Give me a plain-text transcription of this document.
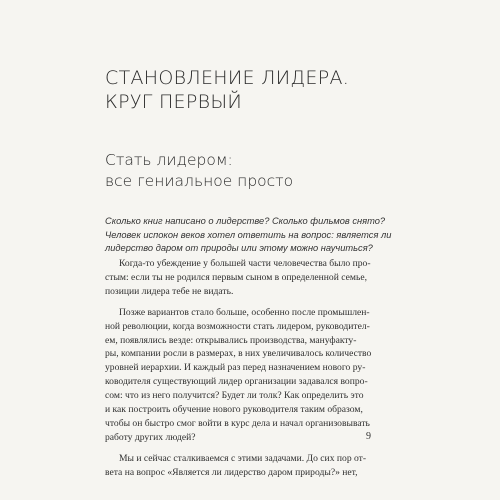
СТАНОВЛЕНИЕ ЛИДЕРА.
КРУГ ПЕРВЫЙ
Стать лидером:
все гениальное просто
Сколько книг написано о лидерстве? Сколько фильмов снято?
Человек испокон веков хотел ответить на вопрос: является ли
лидерство даром от природы или этому можно научиться?

Когда-то убеждение у большей части человечества было про-
стым: если ты не родился первым сыном в определенной семье,
позиции лидера тебе не видать.

Позже вариантов стало больше, особенно после промышлен-
ной революции, когда возможности стать лидером, руководител-
ем, появлялись везде: открывались производства, мануфакту-
ры, компании росли в размерах, в них увеличивалось количество
уровней иерархии. И каждый раз перед назначением нового ру-
ководителя существующий лидер организации задавался вопро-
сом: что из него получится? Будет ли толк? Как определить это
и как построить обучение нового руководителя таким образом,
чтобы он быстро смог войти в курс дела и начал организовывать
работу других людей?

Мы и сейчас сталкиваемся с этими задачами. До сих пор от-
вета на вопрос «Является ли лидерство даром природы?» нет,

9
